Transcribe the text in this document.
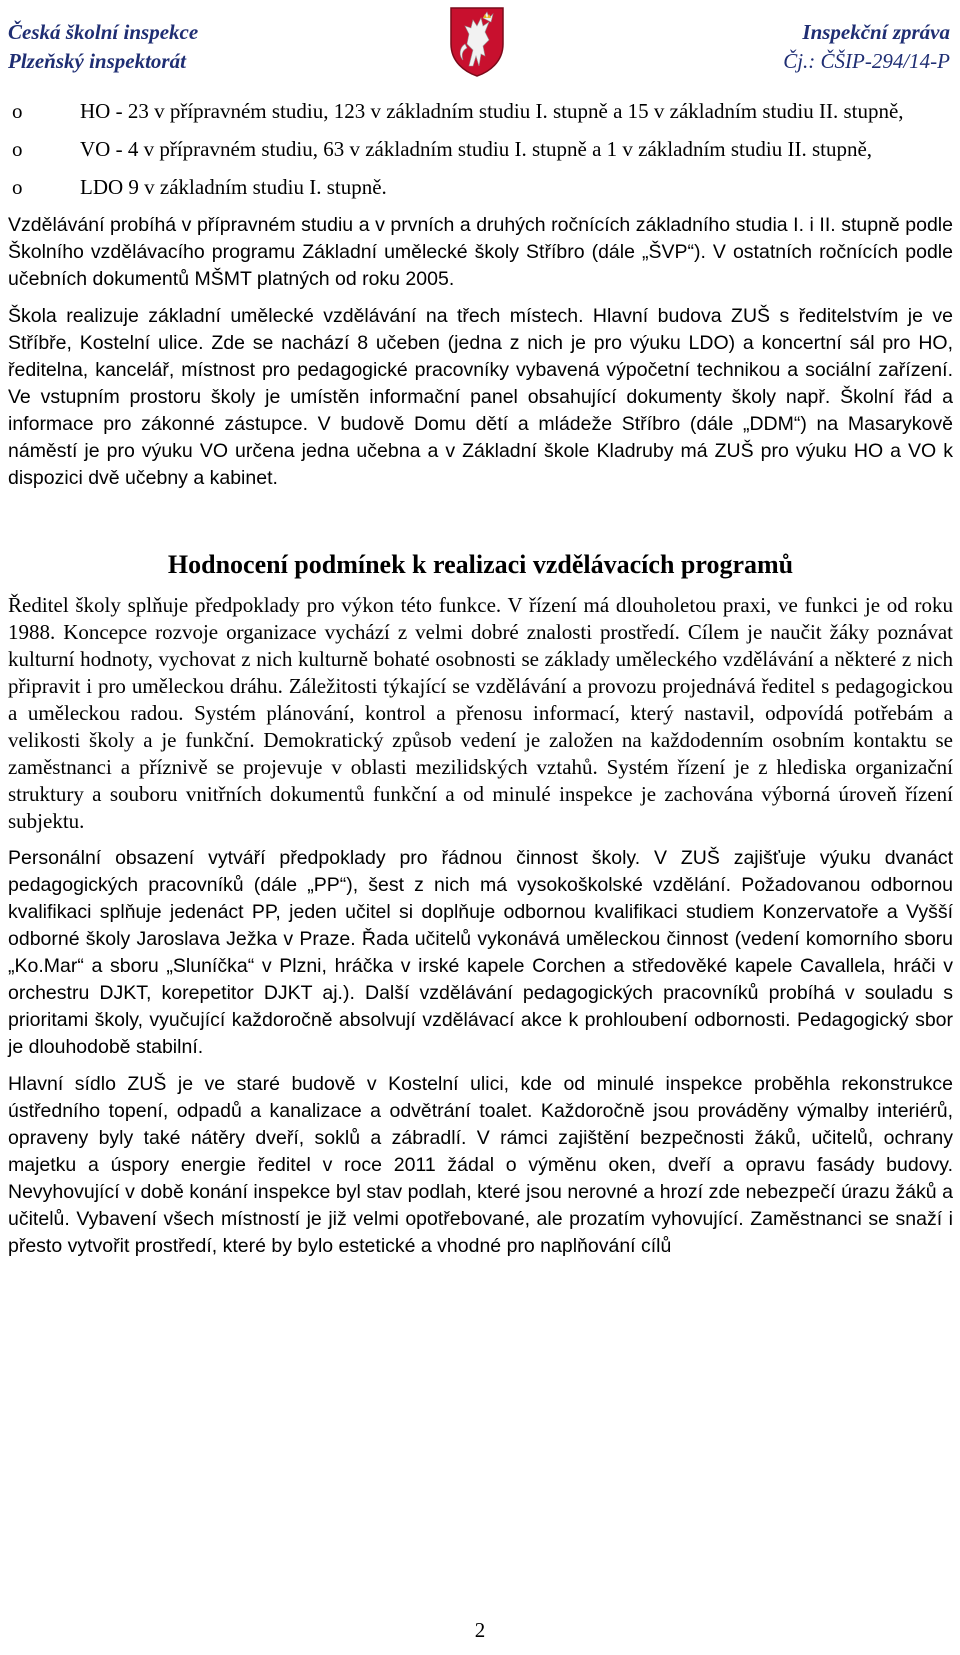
Česká školní inspekce
Plzeňský inspektorát
Inspekční zpráva
Čj.: ČŠIP-294/14-P
o	HO - 23 v přípravném studiu, 123 v základním studiu I. stupně a 15 v základním studiu II. stupně,
o	VO - 4 v přípravném studiu, 63 v základním studiu I. stupně a 1 v základním studiu II. stupně,
o	LDO 9 v základním studiu I. stupně.

Vzdělávání probíhá v přípravném studiu a v prvních a druhých ročnících základního studia I. i II. stupně podle Školního vzdělávacího programu Základní umělecké školy Stříbro (dále „ŠVP“). V ostatních ročnících podle učebních dokumentů MŠMT platných od roku 2005.

Škola realizuje základní umělecké vzdělávání na třech místech. Hlavní budova ZUŠ s ředitelstvím je ve Stříbře, Kostelní ulice. Zde se nachází 8 učeben (jedna z nich je pro výuku LDO) a koncertní sál pro HO, ředitelna, kancelář, místnost pro pedagogické pracovníky vybavená výpočetní technikou a sociální zařízení. Ve vstupním prostoru školy je umístěn informační panel obsahující dokumenty školy např. Školní řád a informace pro zákonné zástupce. V budově Domu dětí a mládeže Stříbro (dále „DDM“) na Masarykově náměstí je pro výuku VO určena jedna učebna a v Základní škole Kladruby má ZUŠ pro výuku HO a VO k dispozici dvě učebny a kabinet.

Hodnocení podmínek k realizaci vzdělávacích programů

Ředitel školy splňuje předpoklady pro výkon této funkce. V řízení má dlouholetou praxi, ve funkci je od roku 1988. Koncepce rozvoje organizace vychází z velmi dobré znalosti prostředí. Cílem je naučit žáky poznávat kulturní hodnoty, vychovat z nich kulturně bohaté osobnosti se základy uměleckého vzdělávání a některé z nich připravit i pro uměleckou dráhu. Záležitosti týkající se vzdělávání a provozu projednává ředitel s pedagogickou a uměleckou radou. Systém plánování, kontrol a přenosu informací, který nastavil, odpovídá potřebám a velikosti školy a je funkční. Demokratický způsob vedení je založen na každodenním osobním kontaktu se zaměstnanci a příznivě se projevuje v oblasti mezilidských vztahů. Systém řízení je z hlediska organizační struktury a souboru vnitřních dokumentů funkční a od minulé inspekce je zachována výborná úroveň řízení subjektu.

Personální obsazení vytváří předpoklady pro řádnou činnost školy. V ZUŠ zajišťuje výuku dvanáct pedagogických pracovníků (dále „PP“), šest z nich má vysokoškolské vzdělání. Požadovanou odbornou kvalifikaci splňuje jedenáct PP, jeden učitel si doplňuje odbornou kvalifikaci studiem Konzervatoře a Vyšší odborné školy Jaroslava Ježka v Praze. Řada učitelů vykonává uměleckou činnost (vedení komorního sboru „Ko.Mar“ a sboru „Sluníčka“ v Plzni, hráčka v irské kapele Corchen a středověké kapele Cavallela, hráči v orchestru DJKT, korepetitor DJKT aj.). Další vzdělávání pedagogických pracovníků probíhá v souladu s prioritami školy, vyučující každoročně absolvují vzdělávací akce k prohloubení odbornosti. Pedagogický sbor je dlouhodobě stabilní.

Hlavní sídlo ZUŠ je ve staré budově v Kostelní ulici, kde od minulé inspekce proběhla rekonstrukce ústředního topení, odpadů a kanalizace a odvětrání toalet. Každoročně jsou prováděny výmalby interiérů, opraveny byly také nátěry dveří, soklů a zábradlí. V rámci zajištění bezpečnosti žáků, učitelů, ochrany majetku a úspory energie ředitel v roce 2011 žádal o výměnu oken, dveří a opravu fasády budovy. Nevyhovující v době konání inspekce byl stav podlah, které jsou nerovné a hrozí zde nebezpečí úrazu žáků a učitelů. Vybavení všech místností je již velmi opotřebované, ale prozatím vyhovující. Zaměstnanci se snaží i přesto vytvořit prostředí, které by bylo estetické a vhodné pro naplňování cílů

2
